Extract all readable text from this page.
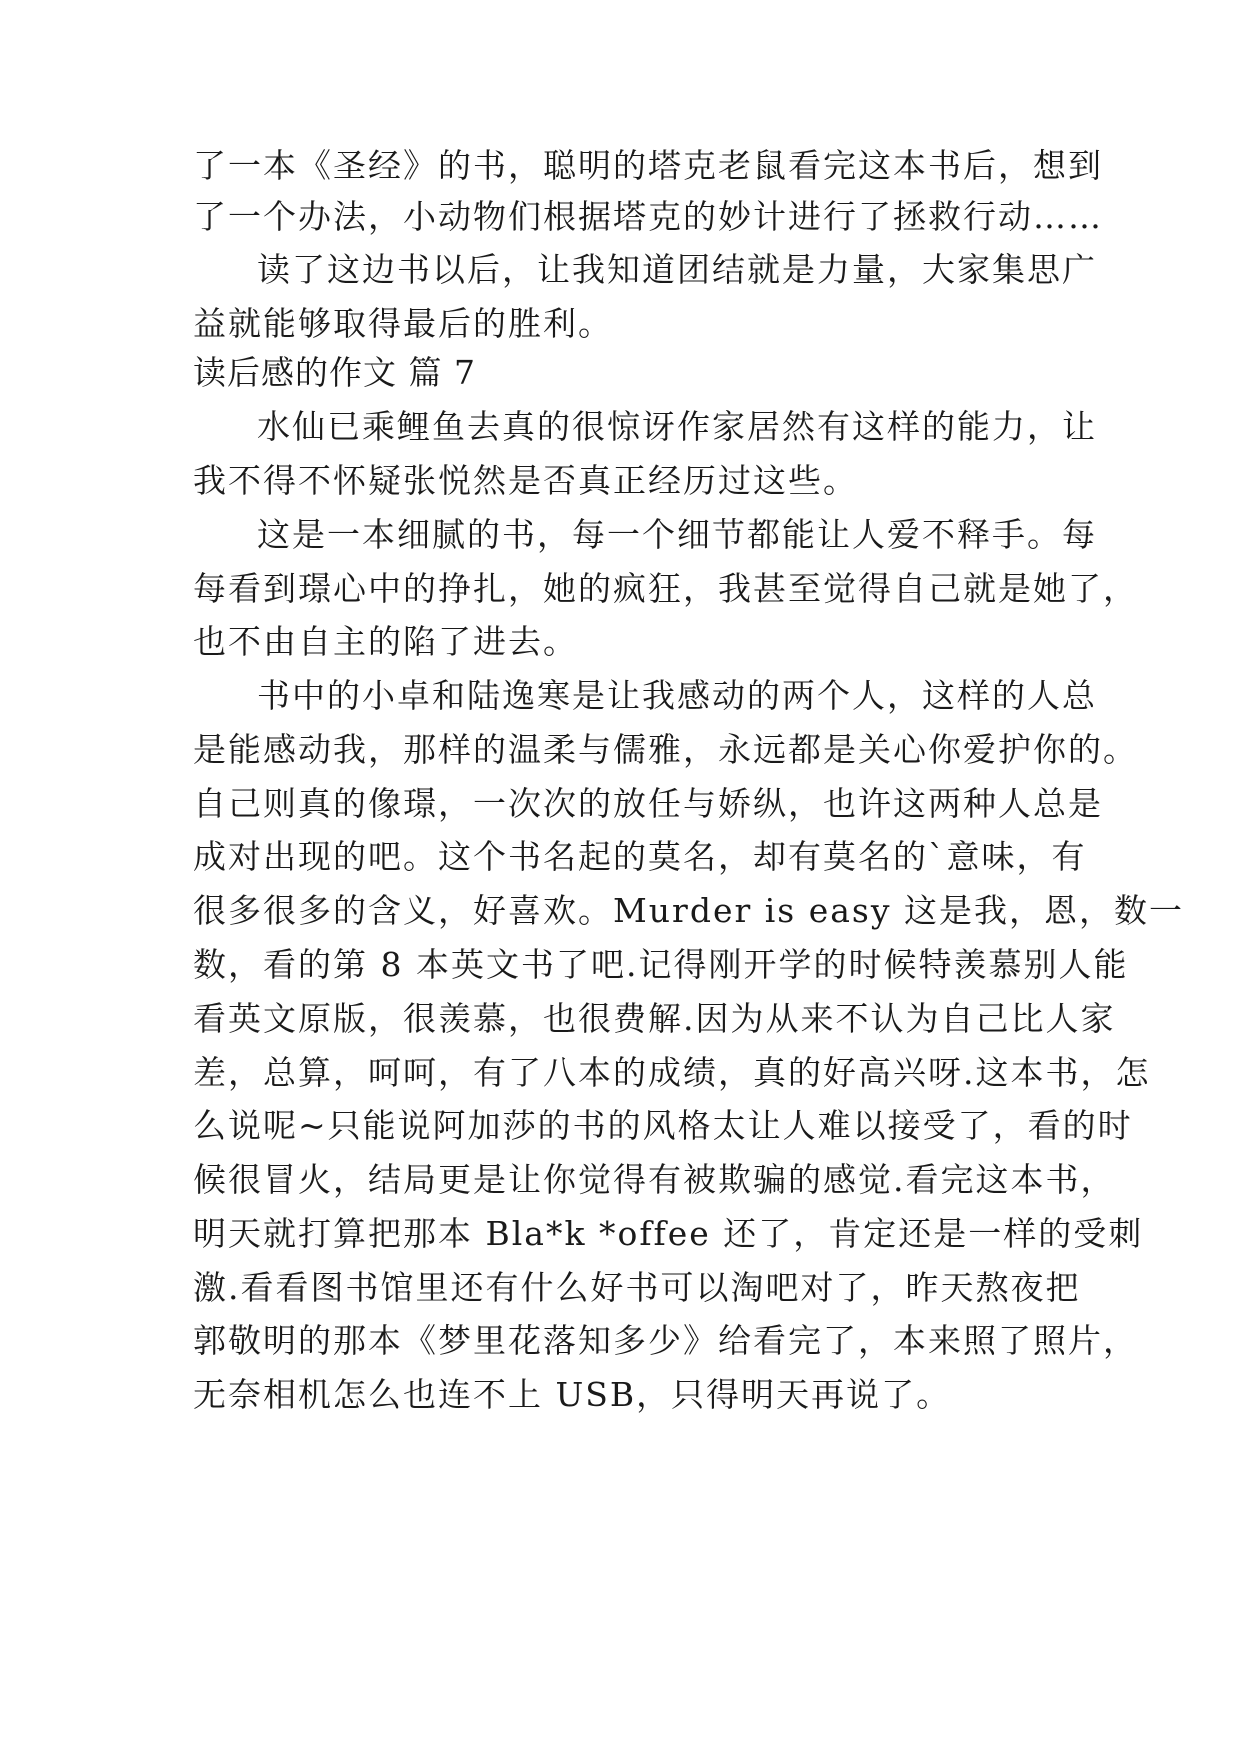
了一本《圣经》的书，聪明的塔克老鼠看完这本书后，想到
了一个办法，小动物们根据塔克的妙计进行了拯救行动……
读了这边书以后，让我知道团结就是力量，大家集思广
益就能够取得最后的胜利。
读后感的作文 篇 7
水仙已乘鲤鱼去真的很惊讶作家居然有这样的能力，让
我不得不怀疑张悦然是否真正经历过这些。
这是一本细腻的书，每一个细节都能让人爱不释手。每
每看到璟心中的挣扎，她的疯狂，我甚至觉得自己就是她了，
也不由自主的陷了进去。
书中的小卓和陆逸寒是让我感动的两个人，这样的人总
是能感动我，那样的温柔与儒雅，永远都是关心你爱护你的。
自己则真的像璟，一次次的放任与娇纵，也许这两种人总是
成对出现的吧。这个书名起的莫名，却有莫名的`意味，有
很多很多的含义，好喜欢。Murder is easy 这是我，恩，数一
数，看的第 8 本英文书了吧.记得刚开学的时候特羡慕别人能
看英文原版，很羡慕，也很费解.因为从来不认为自己比人家
差，总算，呵呵，有了八本的成绩，真的好高兴呀.这本书，怎
么说呢~只能说阿加莎的书的风格太让人难以接受了，看的时
候很冒火，结局更是让你觉得有被欺骗的感觉.看完这本书，
明天就打算把那本 Bla*k *offee 还了，肯定还是一样的受刺
激.看看图书馆里还有什么好书可以淘吧对了，昨天熬夜把
郭敬明的那本《梦里花落知多少》给看完了，本来照了照片，
无奈相机怎么也连不上 USB，只得明天再说了。
